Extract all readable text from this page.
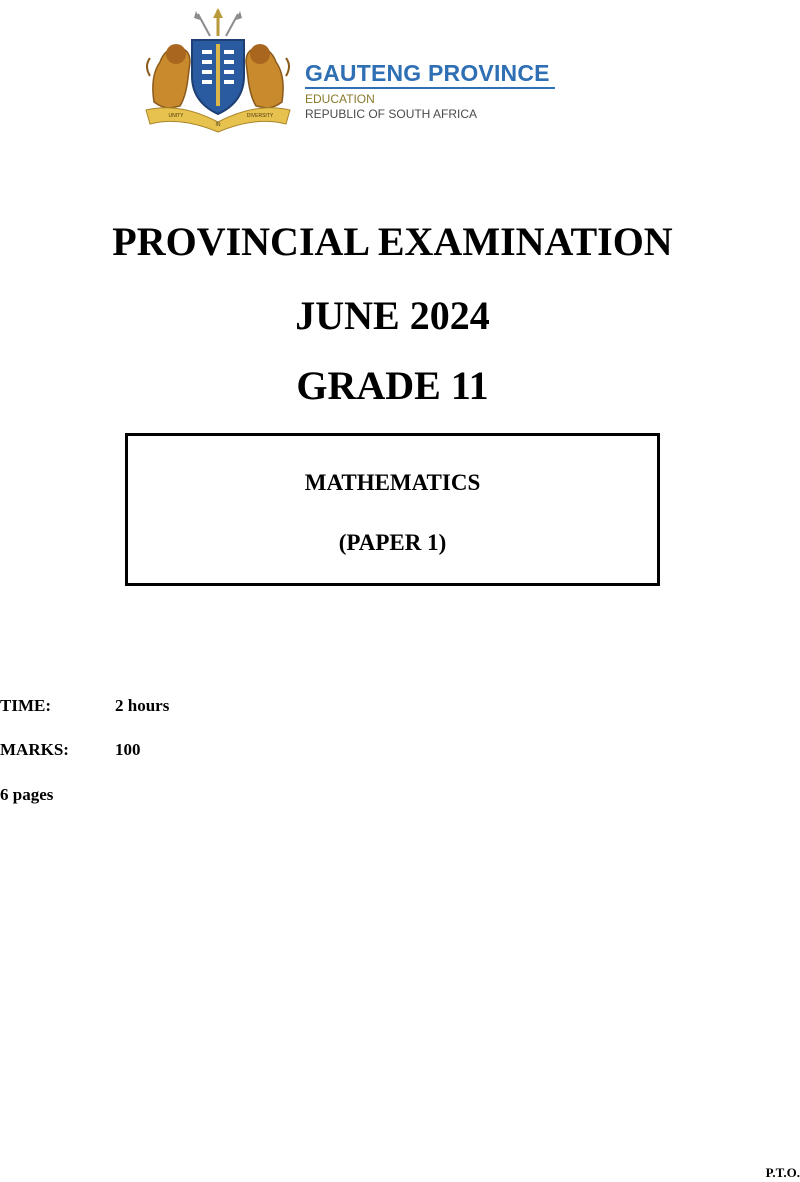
UNITY
IN
DIVERSITY
GAUTENG PROVINCE
EDUCATION
REPUBLIC OF SOUTH AFRICA
PROVINCIAL EXAMINATION
JUNE 2024
GRADE 11
MATHEMATICS
(PAPER 1)
TIME:	2 hours
MARKS:	100
6 pages
P.T.O.
